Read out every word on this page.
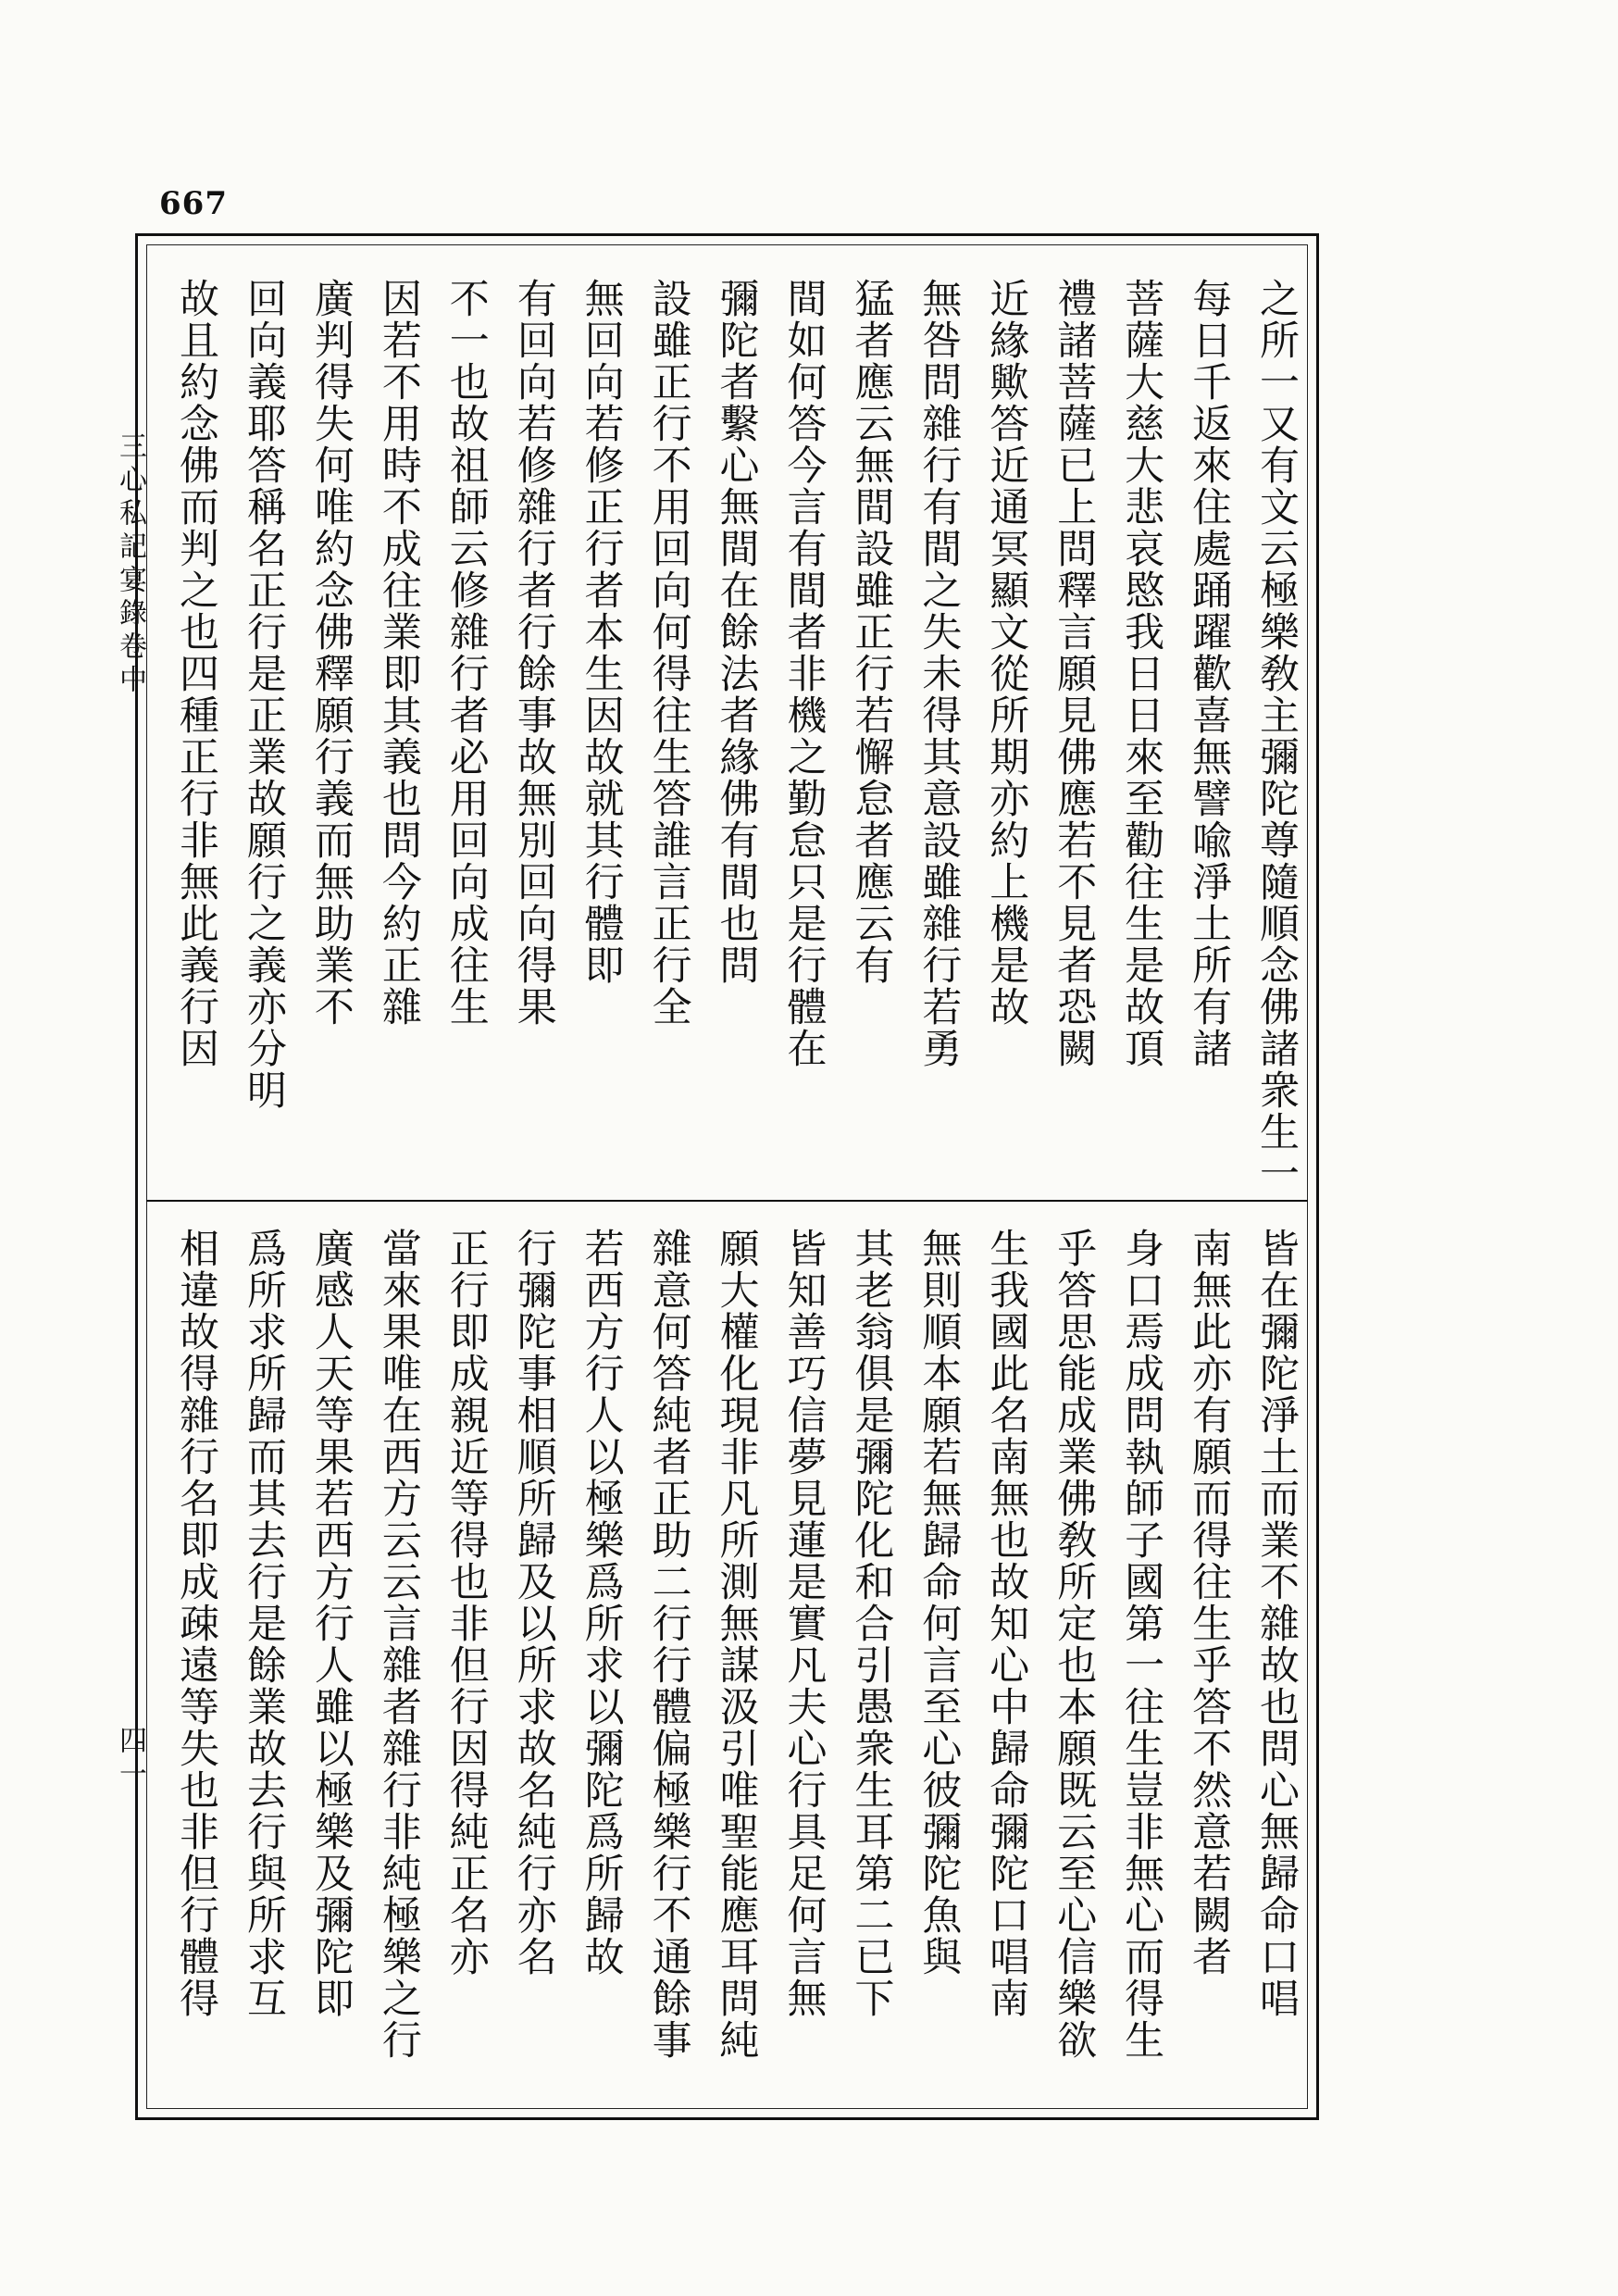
667
三心私記宴錄卷中
四一
之所一又有文云極樂敎主彌陀尊隨順念佛諸衆生一
每日千返來住處踊躍歡喜無譬喩淨土所有諸
菩薩大慈大悲哀愍我日日來至勸往生是故頂
禮諸菩薩已上問釋言願見佛應若不見者恐闕
近緣歟答近通冥顯文從所期亦約上機是故
無咎問雜行有間之失未得其意設雖雜行若勇
猛者應云無間設雖正行若懈怠者應云有
間如何答今言有間者非機之勤怠只是行體在
彌陀者繫心無間在餘法者緣佛有間也問
設雖正行不用回向何得往生答誰言正行全
無回向若修正行者本生因故就其行體即
有回向若修雜行者行餘事故無別回向得果
不一也故祖師云修雜行者必用回向成往生
因若不用時不成往業即其義也問今約正雜
廣判得失何唯約念佛釋願行義而無助業不
回向義耶答稱名正行是正業故願行之義亦分明
故且約念佛而判之也四種正行非無此義行因
皆在彌陀淨土而業不雜故也問心無歸命口唱
南無此亦有願而得往生乎答不然意若闕者
身口焉成問執師子國第一往生豈非無心而得生
乎答思能成業佛敎所定也本願既云至心信樂欲
生我國此名南無也故知心中歸命彌陀口唱南
無則順本願若無歸命何言至心彼彌陀魚與
其老翁俱是彌陀化和合引愚衆生耳第二已下
皆知善巧信夢見蓮是實凡夫心行具足何言無
願大權化現非凡所測無謀汲引唯聖能應耳問純
雜意何答純者正助二行行體偏極樂行不通餘事
若西方行人以極樂爲所求以彌陀爲所歸故
行彌陀事相順所歸及以所求故名純行亦名
正行即成親近等得也非但行因得純正名亦
當來果唯在西方云云言雜者雜行非純極樂之行
廣感人天等果若西方行人雖以極樂及彌陀即
爲所求所歸而其去行是餘業故去行與所求互
相違故得雜行名即成疎遠等失也非但行體得
